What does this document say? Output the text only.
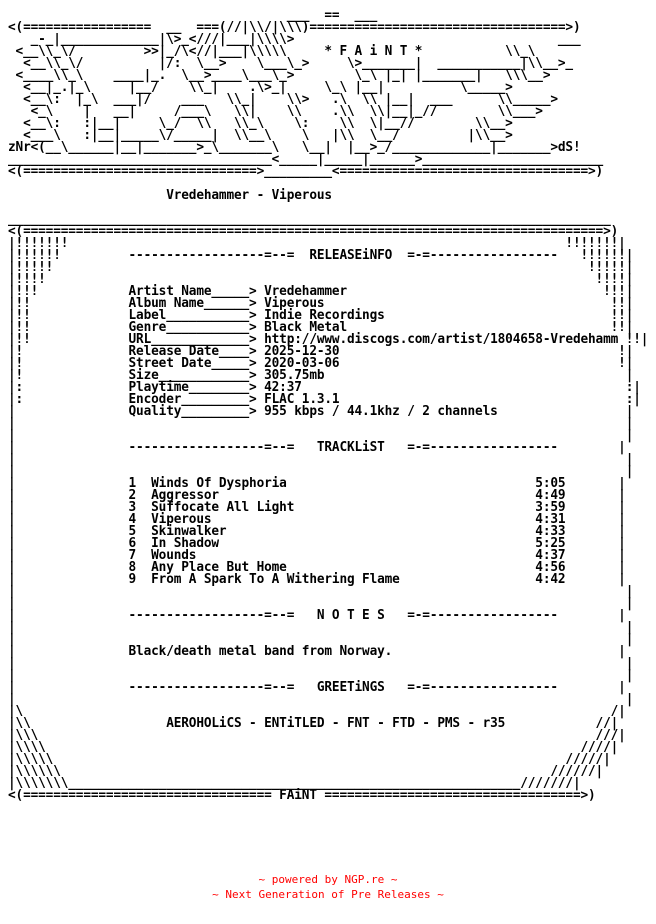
___  ==  ___
<(=================  __  ===(//|\\/|\\\)==================================>)
_-_|_____________|\>_<///|___|\\\\>                                   ___
<__\\_\/         >>|_/\<//|___|\\\\\     * F A i N T *           \\_\
<__\\_\/          |/:  \__>    \___\_>     \>_______|  ___________|\\__>_
<____\\_\    ____|_.  \__>____\___\_>        \_\ |_| |_______|   \\\__>
<__|_.|_\     |__/    \\_|    .\>_|     \_\ |__|          \_____>
<__\:  |_\  ___|/    ___   \\_|    \\>   .\  \\ |__|  ___      \\_____>
<_\    |   __|     /___\   \\|    \\    .\\  \\|__|_//        \\___>
<__\:   :|__|     \_/  \\   \\_\    \:    \\  \|__//        \\__>
<___\   :|__|_____\/_____|  \\__\    \   |\\  \__/         |\\__>
zNr<(__\______|__|_______>_\_______\   \__|  |__>_/_____________|_______>dS!
___________________________________<_____|_____|______>________________________
<(===============================>_________<=================================>)

Vredehammer - Viperous

________________________________________________________________________________
<(=============================================================================>)
|!!!!!!!                                                                  !!!!!!!|
|!!!!!!         ------------------=--=  RELEASEiNFO  =-=-----------------   !!!!!!|
|!!!!!                                                                       !!!!!|
|!!!!                                                                         !!!!|
|!!!            Artist Name_____> Vredehammer                                  !!!|
|!!             Album Name______> Viperous                                      !!|
|!!             Label___________> Indie Recordings                              !!|
|!!             Genre___________> Black Metal                                   !!|
|!!             URL_____________> http://www.discogs.com/artist/1804658-Vredehamm !!|
|!              Release Date____> 2025-12-30                                     !|
|!              Street Date_____> 2020-03-06                                     !|
|!              Size____________> 305.75mb                                        |
|:              Playtime________> 42:37                                           :|
|:              Encoder_________> FLAC 1.3.1                                      :|
|               Quality_________> 955 kbps / 44.1khz / 2 channels                 |
|                                                                                 |
|                                                                                 |
|               ------------------=--=   TRACKLiST   =-=-----------------        |
|                                                                                 |
|                                                                                 |
|               1  Winds Of Dysphoria                                 5:05       |
|               2  Aggressor                                          4:49       |
|               3  Suffocate All Light                                3:59       |
|               4  Viperous                                           4:31       |
|               5  Skinwalker                                         4:33       |
|               6  In Shadow                                          5:25       |
|               7  Wounds                                             4:37       |
|               8  Any Place But Home                                 4:56       |
|               9  From A Spark To A Withering Flame                  4:42       |
|                                                                                 |
|                                                                                 |
|               ------------------=--=   N O T E S   =-=-----------------        |
|                                                                                 |
|                                                                                 |
|               Black/death metal band from Norway.                              |
|                                                                                 |
|                                                                                 |
|               ------------------=--=   GREETiNGS   =-=-----------------        |
|                                                                                 |
|\                                                                              /|
|\\                  AEROHOLiCS - ENTiTLED - FNT - FTD - PMS - r35            //|
|\\\                                                                          ///|
|\\\\                                                                       ////|
|\\\\\                                                                    /////|
|\\\\\\                                                                 //////|
|\\\\\\\____________________________________________________________///////|
<(================================= FAiNT ==================================>)

~ powered by NGP.re ~
~ Next Generation of Pre Releases ~
